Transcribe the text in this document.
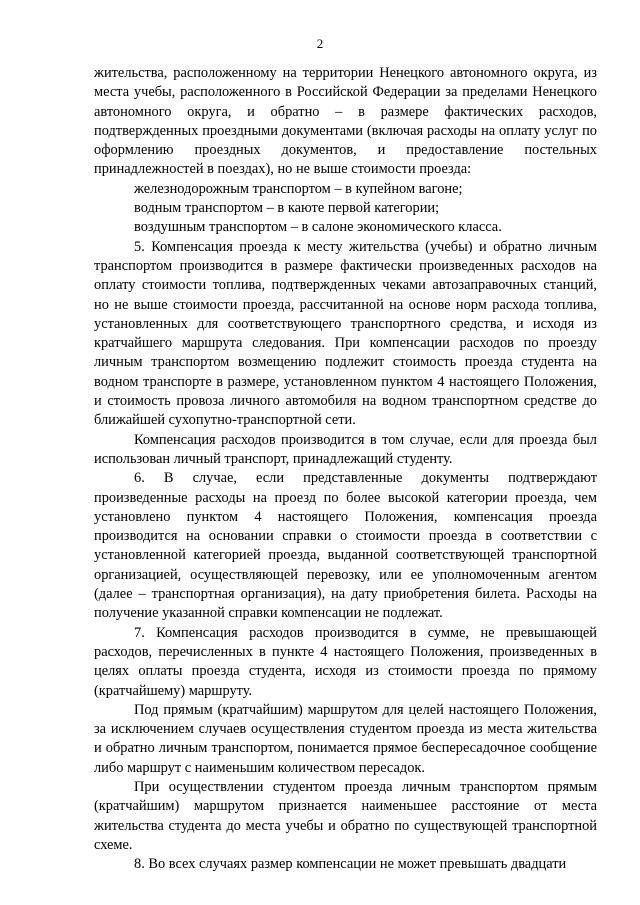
2

жительства, расположенному на территории Ненецкого автономного округа, из места учебы, расположенного в Российской Федерации за пределами Ненецкого автономного округа, и обратно – в размере фактических расходов, подтвержденных проездными документами (включая расходы на оплату услуг по оформлению проездных документов, и предоставление постельных принадлежностей в поездах), но не выше стоимости проезда:

железнодорожным транспортом – в купейном вагоне;

водным транспортом – в каюте первой категории;

воздушным транспортом – в салоне экономического класса.

5. Компенсация проезда к месту жительства (учебы) и обратно личным транспортом производится в размере фактически произведенных расходов на оплату стоимости топлива, подтвержденных чеками автозаправочных станций, но не выше стоимости проезда, рассчитанной на основе норм расхода топлива, установленных для соответствующего транспортного средства, и исходя из кратчайшего маршрута следования. При компенсации расходов по проезду личным транспортом возмещению подлежит стоимость проезда студента на водном транспорте в размере, установленном пунктом 4 настоящего Положения, и стоимость провоза личного автомобиля на водном транспортном средстве до ближайшей сухопутно-транспортной сети.

Компенсация расходов производится в том случае, если для проезда был использован личный транспорт, принадлежащий студенту.

6. В случае, если представленные документы подтверждают произведенные расходы на проезд по более высокой категории проезда, чем установлено пунктом 4 настоящего Положения, компенсация проезда производится на основании справки о стоимости проезда в соответствии с установленной категорией проезда, выданной соответствующей транспортной организацией, осуществляющей перевозку, или ее уполномоченным агентом (далее – транспортная организация), на дату приобретения билета. Расходы на получение указанной справки компенсации не подлежат.

7. Компенсация расходов производится в сумме, не превышающей расходов, перечисленных в пункте 4 настоящего Положения, произведенных в целях оплаты проезда студента, исходя из стоимости проезда по прямому (кратчайшему) маршруту.

Под прямым (кратчайшим) маршрутом для целей настоящего Положения, за исключением случаев осуществления студентом проезда из места жительства и обратно личным транспортом, понимается прямое беспересадочное сообщение либо маршрут с наименьшим количеством пересадок.

При осуществлении студентом проезда личным транспортом прямым (кратчайшим) маршрутом признается наименьшее расстояние от места жительства студента до места учебы и обратно по существующей транспортной схеме.

8. Во всех случаях размер компенсации не может превышать двадцати
